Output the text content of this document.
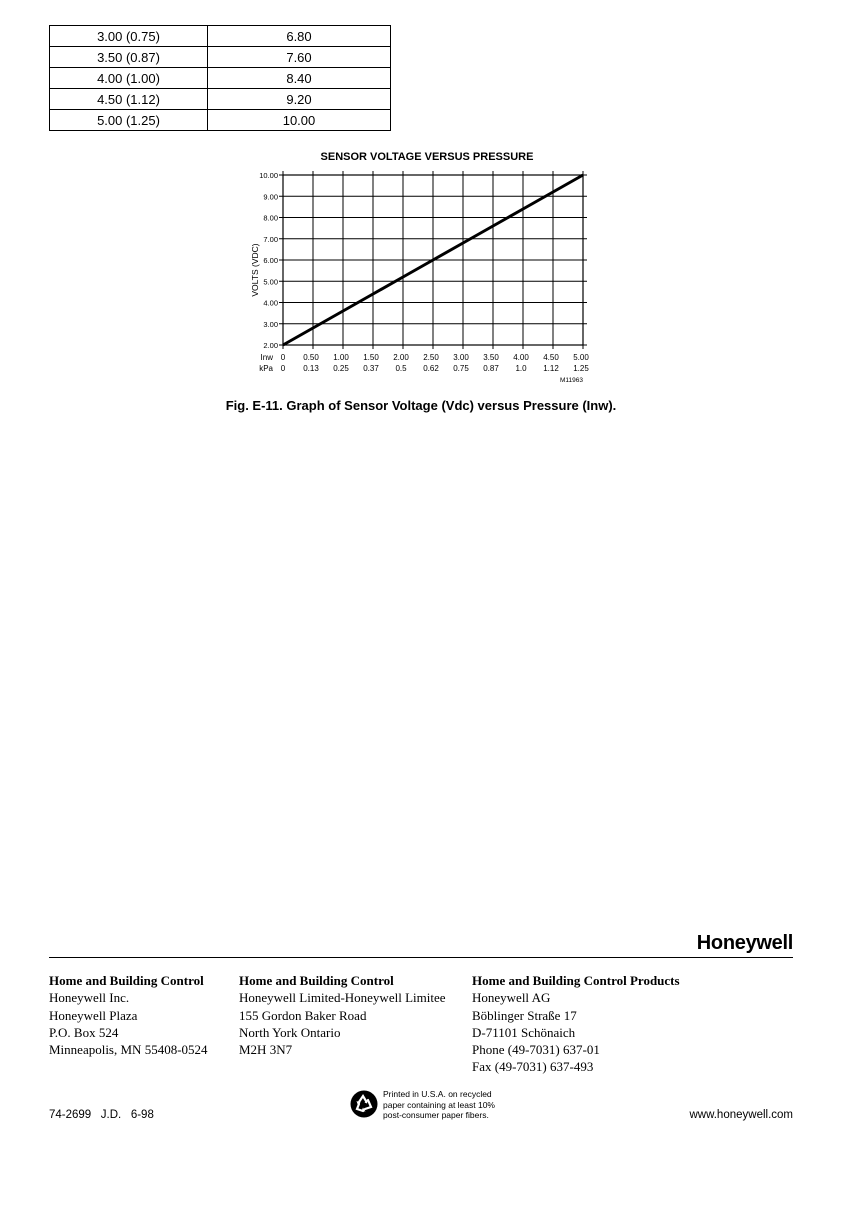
3.00 (0.75)	6.80
3.50 (0.87)	7.60
4.00 (1.00)	8.40
4.50 (1.12)	9.20
5.00 (1.25)	10.00
SENSOR VOLTAGE VERSUS PRESSURE
2.00
3.00
4.00
5.00
6.00
7.00
8.00
9.00
10.00
0
0
0.50
0.13
1.00
0.25
1.50
0.37
2.00
0.5
2.50
0.62
3.00
0.75
3.50
0.87
4.00
1.0
4.50
1.12
5.00
1.25
VOLTS (VDC)
Inw
kPa
M11963
Fig. E-11. Graph of Sensor Voltage (Vdc) versus Pressure (Inw).
Honeywell
Home and Building Control
Honeywell Inc.
Honeywell Plaza
P.O. Box 524
Minneapolis, MN 55408-0524
Home and Building Control
Honeywell Limited-Honeywell Limitee
155 Gordon Baker Road
North York Ontario
M2H 3N7
Home and Building Control Products
Honeywell AG
Böblinger Straße 17
D-71101 Schönaich
Phone (49-7031) 637-01
Fax (49-7031) 637-493
Printed in U.S.A. on recycled
paper containing at least 10%
post-consumer paper fibers.
74-2699   J.D.   6-98	www.honeywell.com
